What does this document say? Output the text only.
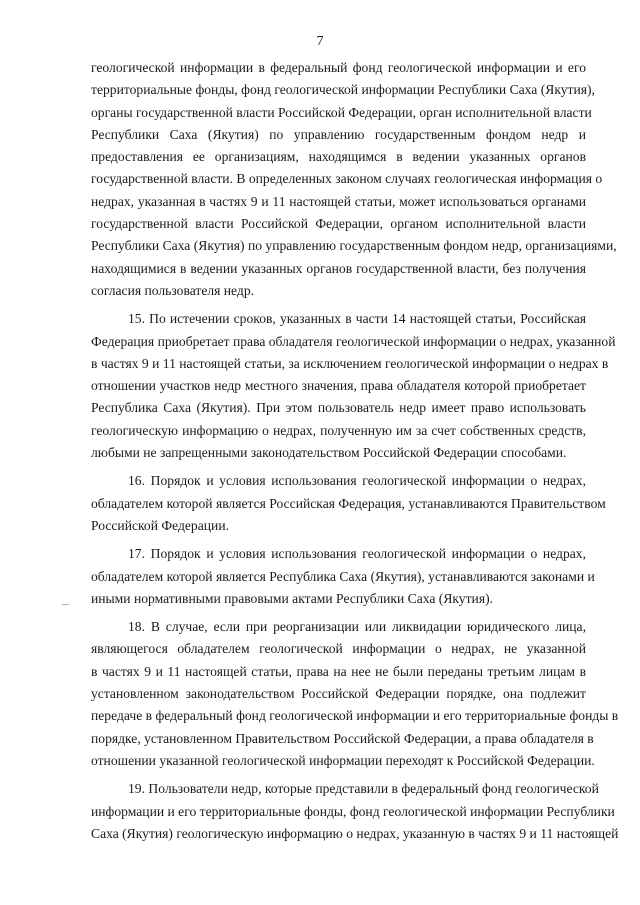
7

геологической информации в федеральный фонд геологической информации и его
территориальные фонды, фонд геологической информации Республики Саха (Якутия),
органы государственной власти Российской Федерации, орган исполнительной власти
Республики Саха (Якутия) по управлению государственным фондом недр и
предоставления ее организациям, находящимся в ведении указанных органов
государственной власти. В определенных законом случаях геологическая информация о
недрах, указанная в частях 9 и 11 настоящей статьи, может использоваться органами
государственной власти Российской Федерации, органом исполнительной власти
Республики Саха (Якутия) по управлению государственным фондом недр, организациями,
находящимися в ведении указанных органов государственной власти, без получения
согласия пользователя недр.

15. По истечении сроков, указанных в части 14 настоящей статьи, Российская
Федерация приобретает права обладателя геологической информации о недрах, указанной
в частях 9 и 11 настоящей статьи, за исключением геологической информации о недрах в
отношении участков недр местного значения, права обладателя которой приобретает
Республика Саха (Якутия). При этом пользователь недр имеет право использовать
геологическую информацию о недрах, полученную им за счет собственных средств,
любыми не запрещенными законодательством Российской Федерации способами.

16. Порядок и условия использования геологической информации о недрах,
обладателем которой является Российская Федерация, устанавливаются Правительством
Российской Федерации.

17. Порядок и условия использования геологической информации о недрах,
обладателем которой является Республика Саха (Якутия), устанавливаются законами и
иными нормативными правовыми актами Республики Саха (Якутия).

18. В случае, если при реорганизации или ликвидации юридического лица,
являющегося обладателем геологической информации о недрах, не указанной
в частях 9 и 11 настоящей статьи, права на нее не были переданы третьим лицам в
установленном законодательством Российской Федерации порядке, она подлежит
передаче в федеральный фонд геологической информации и его территориальные фонды в
порядке, установленном Правительством Российской Федерации, а права обладателя в
отношении указанной геологической информации переходят к Российской Федерации.

19. Пользователи недр, которые представили в федеральный фонд геологической
информации и его территориальные фонды, фонд геологической информации Республики
Саха (Якутия) геологическую информацию о недрах, указанную в частях 9 и 11 настоящей
